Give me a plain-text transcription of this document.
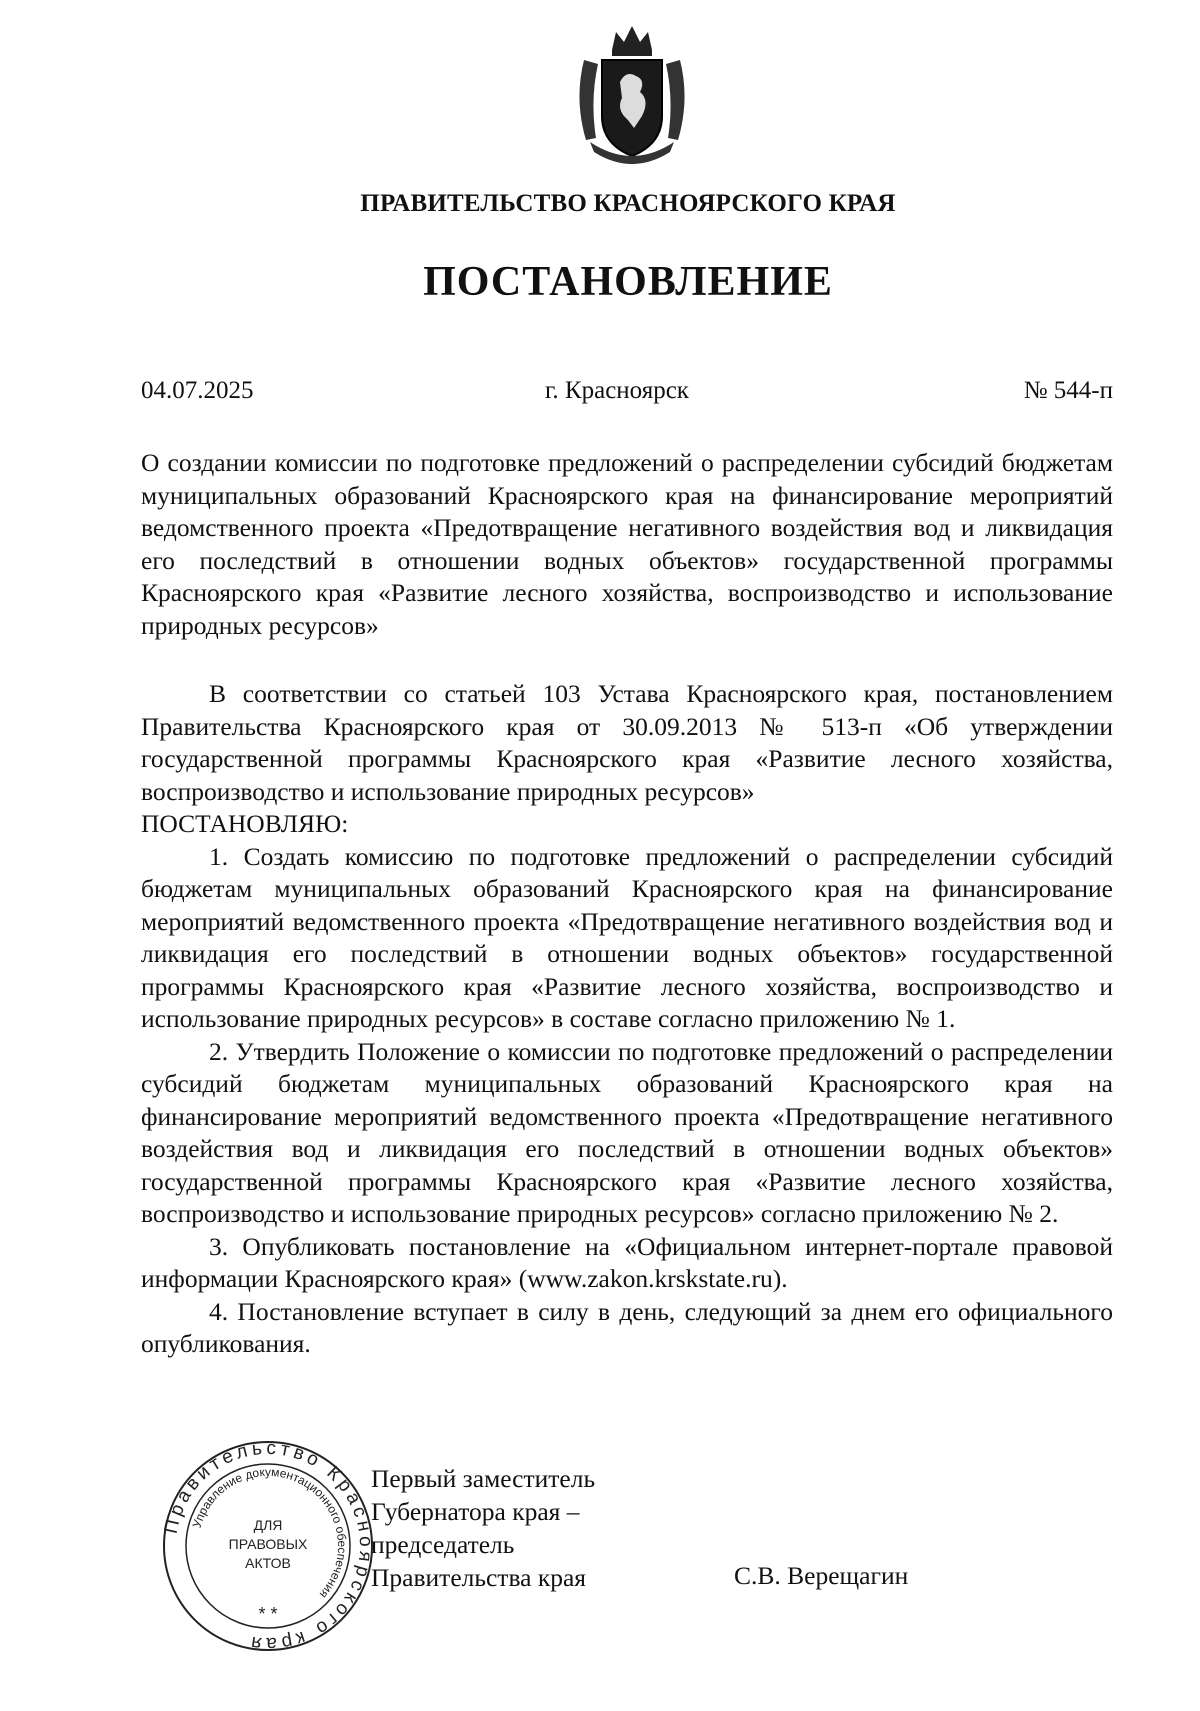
ПРАВИТЕЛЬСТВО КРАСНОЯРСКОГО КРАЯ
ПОСТАНОВЛЕНИЕ
04.07.2025	г. Красноярск	№ 544-п
О создании комиссии по подготовке предложений о распределении субсидий бюджетам муниципальных образований Красноярского края на финансирование мероприятий ведомственного проекта «Предотвращение негативного воздействия вод и ликвидация его последствий в отношении водных объектов» государственной программы Красноярского края «Развитие лесного хозяйства, воспроизводство и использование природных ресурсов»

В соответствии со статьей 103 Устава Красноярского края, постановлением Правительства Красноярского края от 30.09.2013 № 513-п «Об утверждении государственной программы Красноярского края «Развитие лесного хозяйства, воспроизводство и использование природных ресурсов»

ПОСТАНОВЛЯЮ:

1. Создать комиссию по подготовке предложений о распределении субсидий бюджетам муниципальных образований Красноярского края на финансирование мероприятий ведомственного проекта «Предотвращение негативного воздействия вод и ликвидация его последствий в отношении водных объектов» государственной программы Красноярского края «Развитие лесного хозяйства, воспроизводство и использование природных ресурсов» в составе согласно приложению № 1.

2. Утвердить Положение о комиссии по подготовке предложений о распределении субсидий бюджетам муниципальных образований Красноярского края на финансирование мероприятий ведомственного проекта «Предотвращение негативного воздействия вод и ликвидация его последствий в отношении водных объектов» государственной программы Красноярского края «Развитие лесного хозяйства, воспроизводство и использование природных ресурсов» согласно приложению № 2.

3. Опубликовать постановление на «Официальном интернет-портале правовой информации Красноярского края» (www.zakon.krskstate.ru).

4. Постановление вступает в силу в день, следующий за днем его официального опубликования.

Правительство Красноярского края
Управление документационного обеспечения
ДЛЯ
ПРАВОВЫХ
АКТОВ
* *
Первый заместитель
Губернатора края –
председатель
Правительства края	С.В. Верещагин
